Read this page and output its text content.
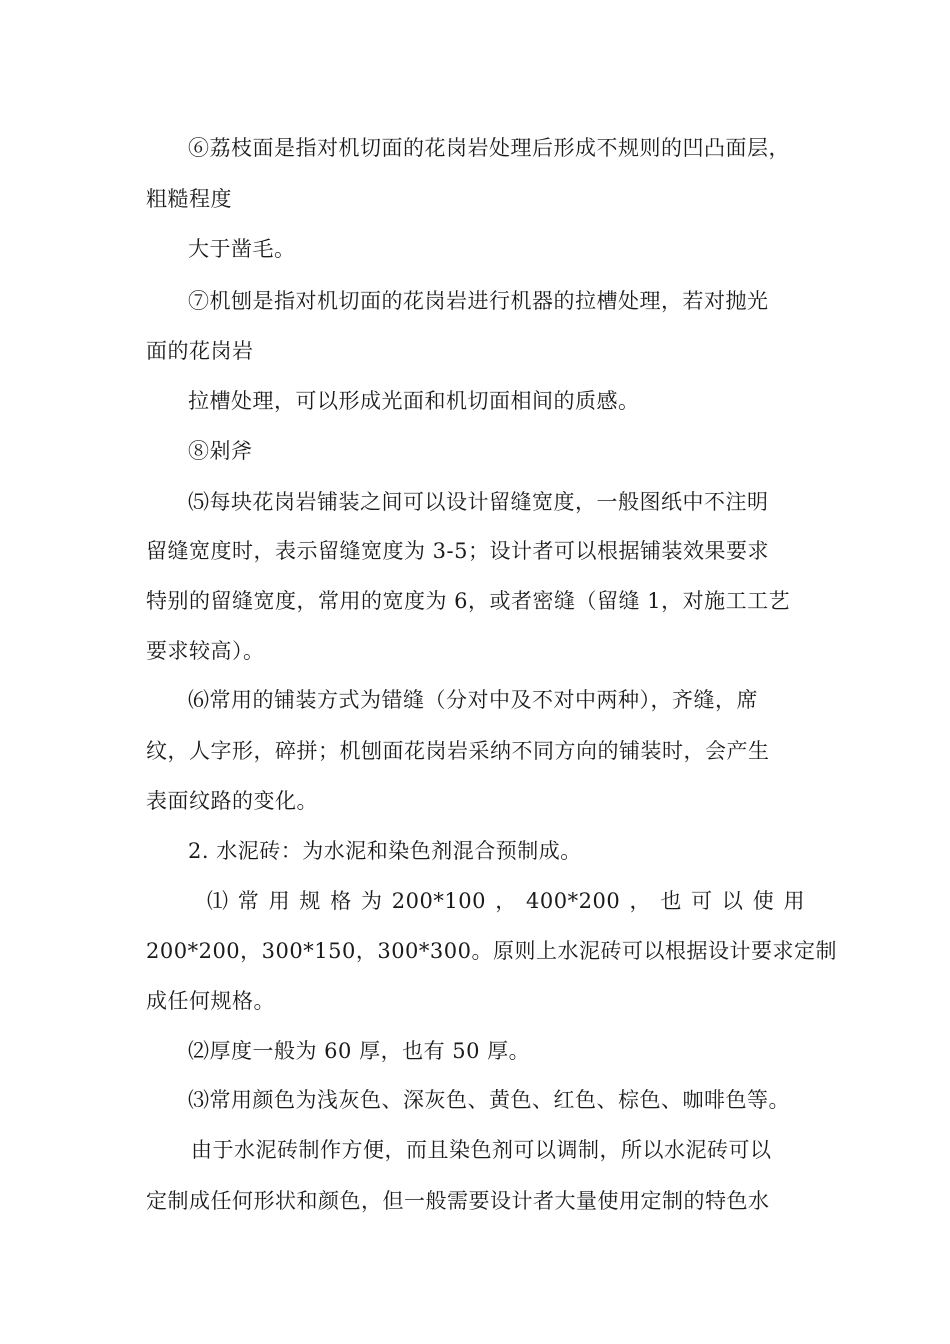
⑥荔枝面是指对机切面的花岗岩处理后形成不规则的凹凸面层，
粗糙程度
大于凿毛。
⑦机刨是指对机切面的花岗岩进行机器的拉槽处理，若对抛光
面的花岗岩
拉槽处理，可以形成光面和机切面相间的质感。
⑧剁斧
⑸每块花岗岩铺装之间可以设计留缝宽度，一般图纸中不注明
留缝宽度时，表示留缝宽度为 3-5；设计者可以根据铺装效果要求
特别的留缝宽度，常用的宽度为 6，或者密缝（留缝 1，对施工工艺
要求较高）。
⑹常用的铺装方式为错缝（分对中及不对中两种），齐缝，席
纹，人字形，碎拼；机刨面花岗岩采纳不同方向的铺装时，会产生
表面纹路的变化。
2. 水泥砖：为水泥和染色剂混合预制成。
⑴ 常 用 规 格 为 200*100 ， 400*200 ， 也 可 以 使 用
200*200，300*150，300*300。原则上水泥砖可以根据设计要求定制
成任何规格。
⑵厚度一般为 60 厚，也有 50 厚。
⑶常用颜色为浅灰色、深灰色、黄色、红色、棕色、咖啡色等。
由于水泥砖制作方便，而且染色剂可以调制，所以水泥砖可以
定制成任何形状和颜色，但一般需要设计者大量使用定制的特色水
